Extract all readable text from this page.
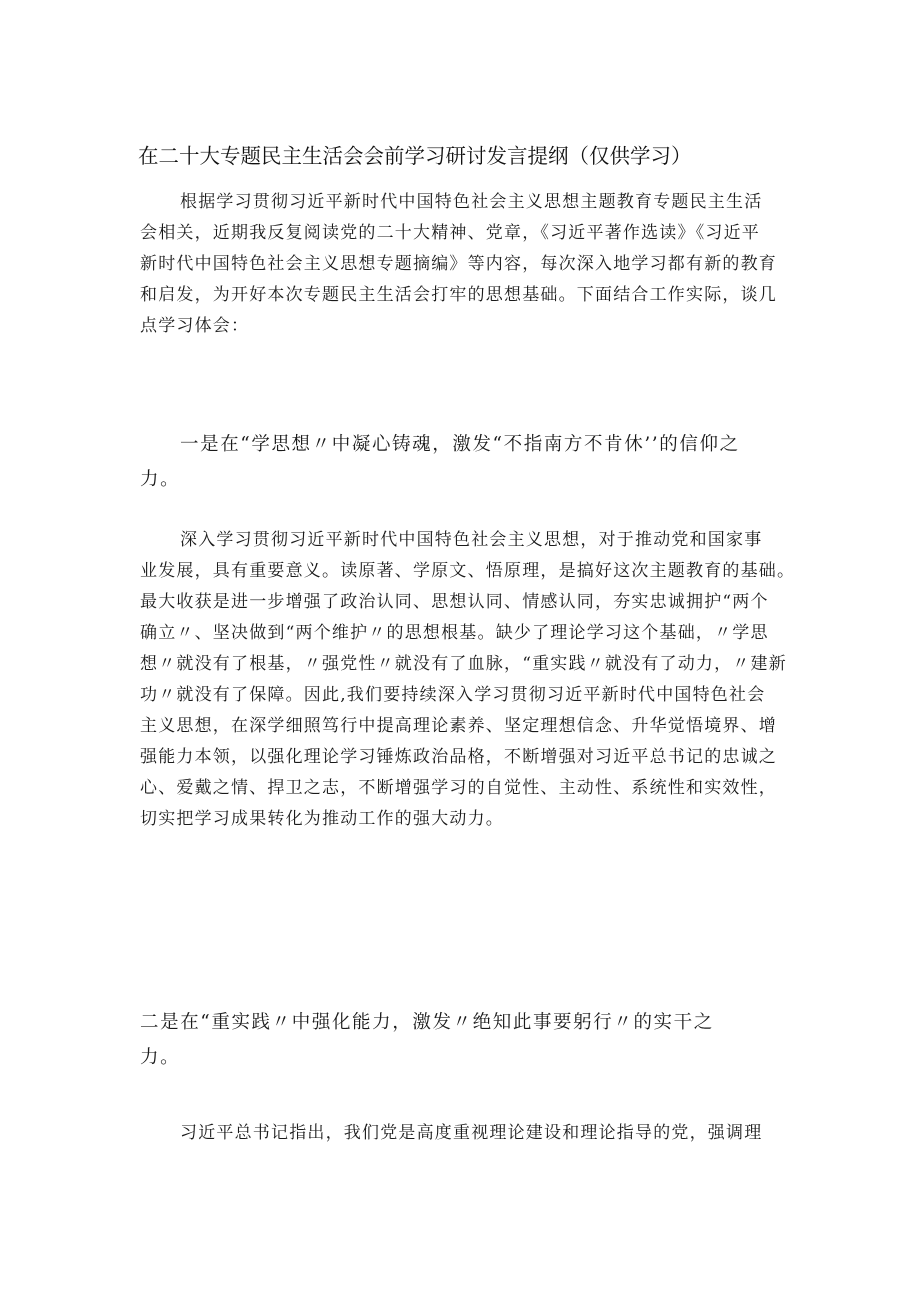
在二十大专题民主生活会会前学习研讨发言提纲（仅供学习）
根据学习贯彻习近平新时代中国特色社会主义思想主题教育专题民主生活
会相关，近期我反复阅读党的二十大精神、党章，《习近平著作选读》《习近平
新时代中国特色社会主义思想专题摘编》等内容，每次深入地学习都有新的教育
和启发，为开好本次专题民主生活会打牢的思想基础。下面结合工作实际，谈几
点学习体会：
一是在“学思想〃中凝心铸魂，激发“不指南方不肯休’’的信仰之
力。
深入学习贯彻习近平新时代中国特色社会主义思想，对于推动党和国家事
业发展，具有重要意义。读原著、学原文、悟原理，是搞好这次主题教育的基础。
最大收获是进一步增强了政治认同、思想认同、情感认同，夯实忠诚拥护“两个
确立〃、坚决做到“两个维护〃的思想根基。缺少了理论学习这个基础，〃学思
想〃就没有了根基，〃强党性〃就没有了血脉，“重实践〃就没有了动力，〃建新
功〃就没有了保障。因此,我们要持续深入学习贯彻习近平新时代中国特色社会
主义思想，在深学细照笃行中提高理论素养、坚定理想信念、升华觉悟境界、增
强能力本领，以强化理论学习锤炼政治品格，不断增强对习近平总书记的忠诚之
心、爱戴之情、捍卫之志，不断增强学习的自觉性、主动性、系统性和实效性，
切实把学习成果转化为推动工作的强大动力。
二是在“重实践〃中强化能力，激发〃绝知此事要躬行〃的实干之
力。
习近平总书记指出，我们党是高度重视理论建设和理论指导的党，强调理
